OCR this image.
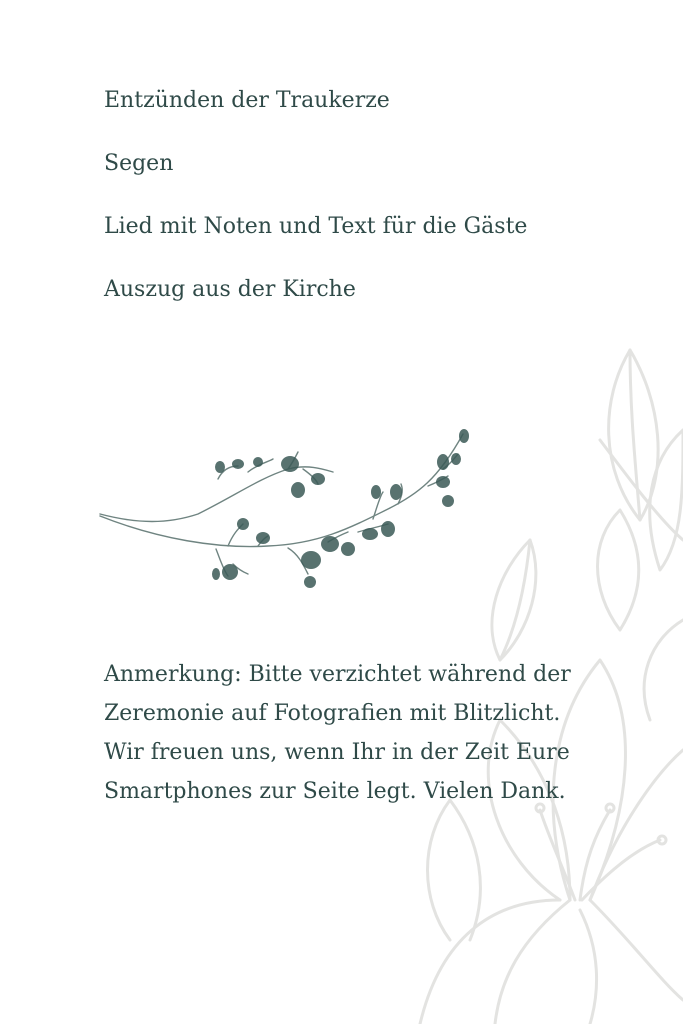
Entzünden der Traukerze
Segen
Lied mit Noten und Text für die Gäste
Auszug aus der Kirche

Anmerkung: Bitte verzichtet während der
Zeremonie auf Fotografien mit Blitzlicht.
Wir freuen uns, wenn Ihr in der Zeit Eure
Smartphones zur Seite legt. Vielen Dank.
